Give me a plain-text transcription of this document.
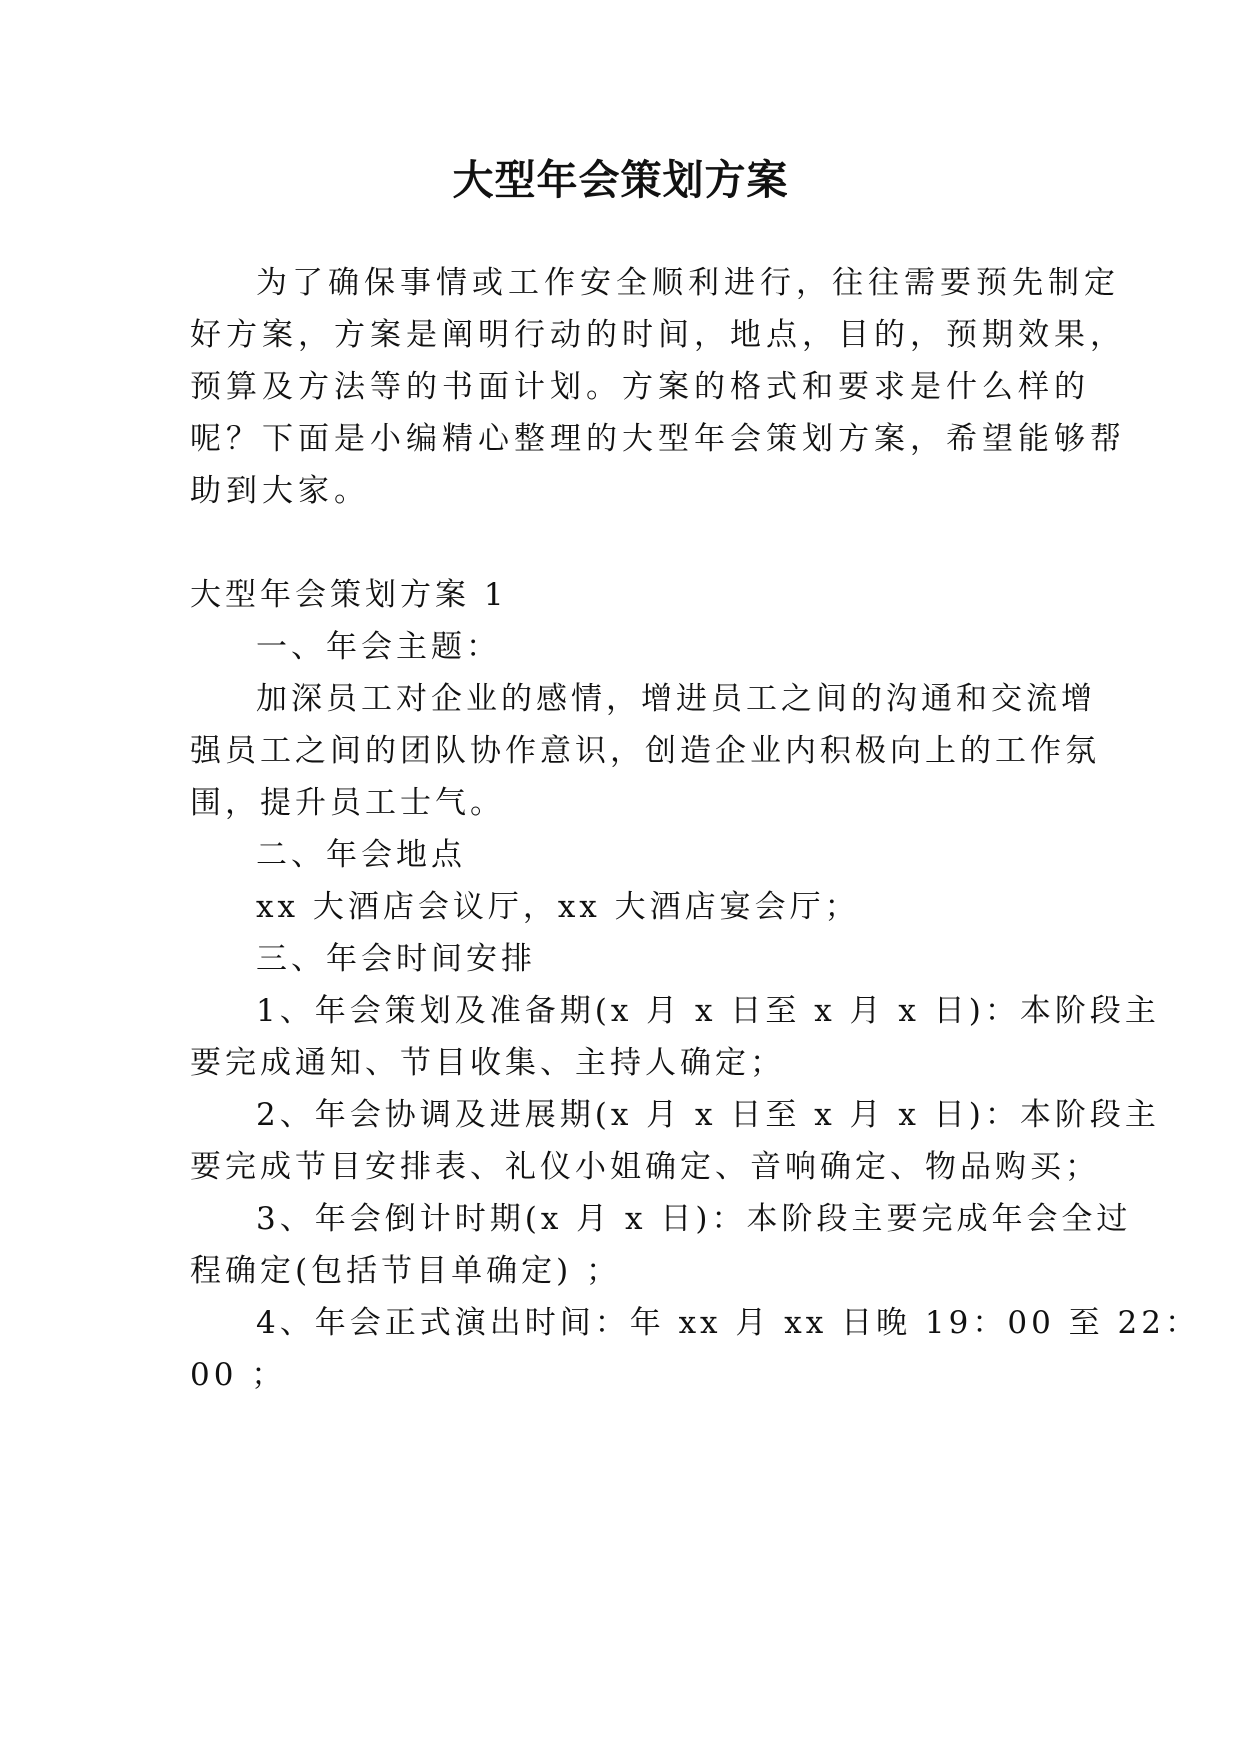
大型年会策划方案
为了确保事情或工作安全顺利进行，往往需要预先制定
好方案，方案是阐明行动的时间，地点，目的，预期效果，
预算及方法等的书面计划。方案的格式和要求是什么样的
呢？下面是小编精心整理的大型年会策划方案，希望能够帮
助到大家。
大型年会策划方案 1
一、年会主题：
加深员工对企业的感情，增进员工之间的沟通和交流增
强员工之间的团队协作意识，创造企业内积极向上的工作氛
围，提升员工士气。
二、年会地点
xx 大酒店会议厅，xx 大酒店宴会厅；
三、年会时间安排
1、年会策划及准备期(x 月 x 日至 x 月 x 日)：本阶段主
要完成通知、节目收集、主持人确定；
2、年会协调及进展期(x 月 x 日至 x 月 x 日)：本阶段主
要完成节目安排表、礼仪小姐确定、音响确定、物品购买；
3、年会倒计时期(x 月 x 日)：本阶段主要完成年会全过
程确定(包括节目单确定) ；
4、年会正式演出时间：年 xx 月 xx 日晚 19：00 至 22：
00 ；
